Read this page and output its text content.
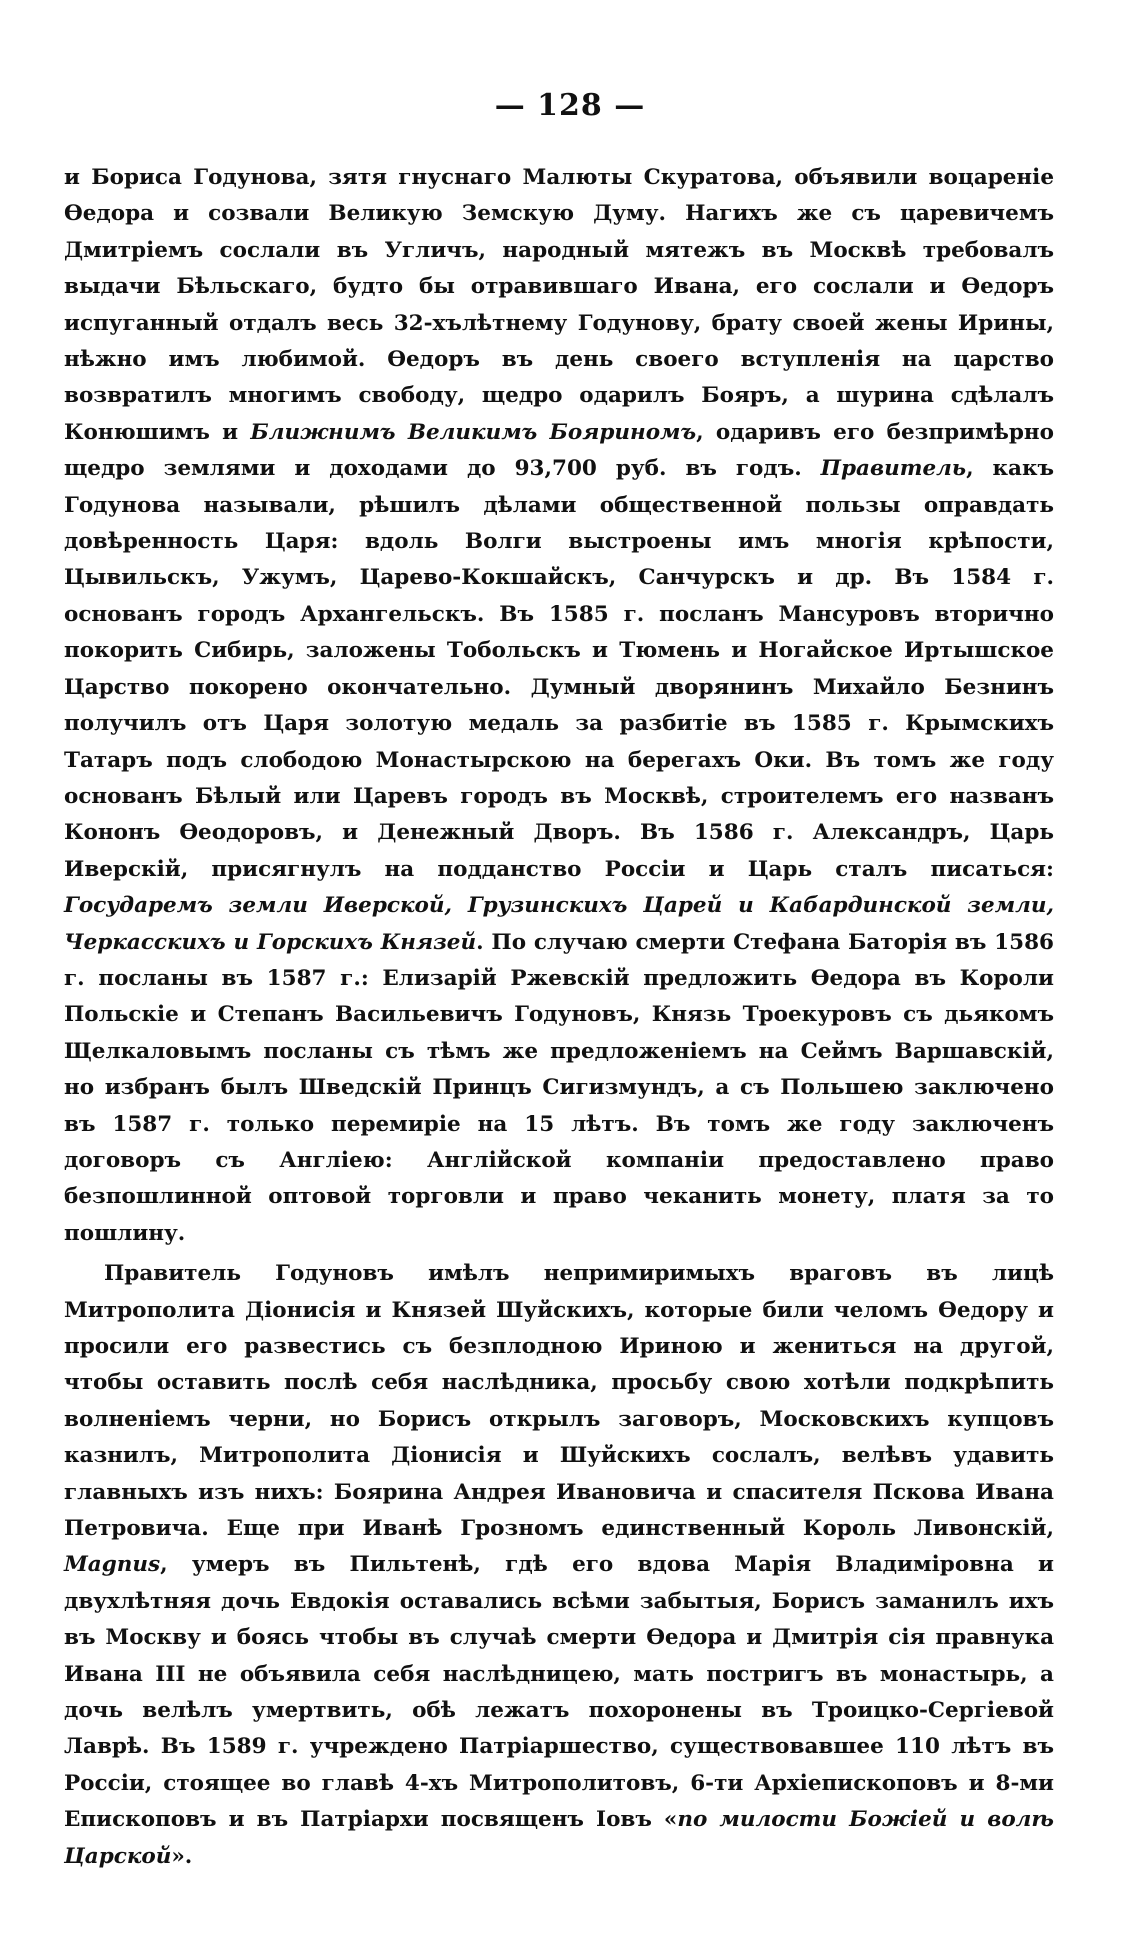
— 128 —

и Бориса Годунова, зятя гнуснаго Малюты Скуратова, объявили воцареніе Өедора и созвали Великую Земскую Думу. Нагихъ же съ царевичемъ Дмитріемъ сослали въ Угличъ, народный мятежъ въ Москвѣ требовалъ выдачи Бѣльскаго, будто бы отравившаго Ивана, его сослали и Өедоръ испуганный отдалъ весь 32-хълѣтнему Годунову, брату своей жены Ирины, нѣжно имъ любимой. Өедоръ въ день своего вступленія на царство возвратилъ многимъ свободу, щедро одарилъ Бояръ, а шурина сдѣлалъ Конюшимъ и Ближнимъ Великимъ Бояриномъ, одаривъ его безпримѣрно щедро землями и доходами до 93,700 руб. въ годъ. Правитель, какъ Годунова называли, рѣшилъ дѣлами общественной пользы оправдать довѣренность Царя: вдоль Волги выстроены имъ многія крѣпости, Цывильскъ, Ужумъ, Царево-Кокшайскъ, Санчурскъ и др. Въ 1584 г. основанъ городъ Архангельскъ. Въ 1585 г. посланъ Мансуровъ вторично покорить Сибирь, заложены Тобольскъ и Тюмень и Ногайское Иртышское Царство покорено окончательно. Думный дворянинъ Михайло Безнинъ получилъ отъ Царя золотую медаль за разбитіе въ 1585 г. Крымскихъ Татаръ подъ слободою Монастырскою на берегахъ Оки. Въ томъ же году основанъ Бѣлый или Царевъ городъ въ Москвѣ, строителемъ его названъ Кононъ Өеодоровъ, и Денежный Дворъ. Въ 1586 г. Александръ, Царь Иверскій, присягнулъ на подданство Россіи и Царь сталъ писаться: Государемъ земли Иверской, Грузинскихъ Царей и Кабардинской земли, Черкасскихъ и Горскихъ Князей. По случаю смерти Стефана Баторія въ 1586 г. посланы въ 1587 г.: Елизарій Ржевскій предложить Өедора въ Короли Польскіе и Степанъ Васильевичъ Годуновъ, Князь Троекуровъ съ дьякомъ Щелкаловымъ посланы съ тѣмъ же предложеніемъ на Сеймъ Варшавскій, но избранъ былъ Шведскій Принцъ Сигизмундъ, а съ Польшею заключено въ 1587 г. только перемиріе на 15 лѣтъ. Въ томъ же году заключенъ договоръ съ Англіею: Англійской компаніи предоставлено право безпошлинной оптовой торговли и право чеканить монету, платя за то пошлину.

Правитель Годуновъ имѣлъ непримиримыхъ враговъ въ лицѣ Митрополита Діонисія и Князей Шуйскихъ, которые били челомъ Өедору и просили его развестись съ безплодною Ириною и жениться на другой, чтобы оставить послѣ себя наслѣдника, просьбу свою хотѣли подкрѣпить волненіемъ черни, но Борисъ открылъ заговоръ, Московскихъ купцовъ казнилъ, Митрополита Діонисія и Шуйскихъ сослалъ, велѣвъ удавить главныхъ изъ нихъ: Боярина Андрея Ивановича и спасителя Пскова Ивана Петровича. Еще при Иванѣ Грозномъ единственный Король Ливонскій, Magnus, умеръ въ Пильтенѣ, гдѣ его вдова Марія Владиміровна и двухлѣтняя дочь Евдокія оставались всѣми забытыя, Борисъ заманилъ ихъ въ Москву и боясь чтобы въ случаѣ смерти Өедора и Дмитрія сія правнука Ивана III не объявила себя наслѣдницею, мать постригъ въ монастырь, а дочь велѣлъ умертвить, обѣ лежатъ похоронены въ Троицко-Сергіевой Лаврѣ. Въ 1589 г. учреждено Патріаршество, существовавшее 110 лѣтъ въ Россіи, стоящее во главѣ 4-хъ Митрополитовъ, 6-ти Архіепископовъ и 8-ми Епископовъ и въ Патріархи посвященъ Іовъ «по милости Божіей и волѣ Царской».
